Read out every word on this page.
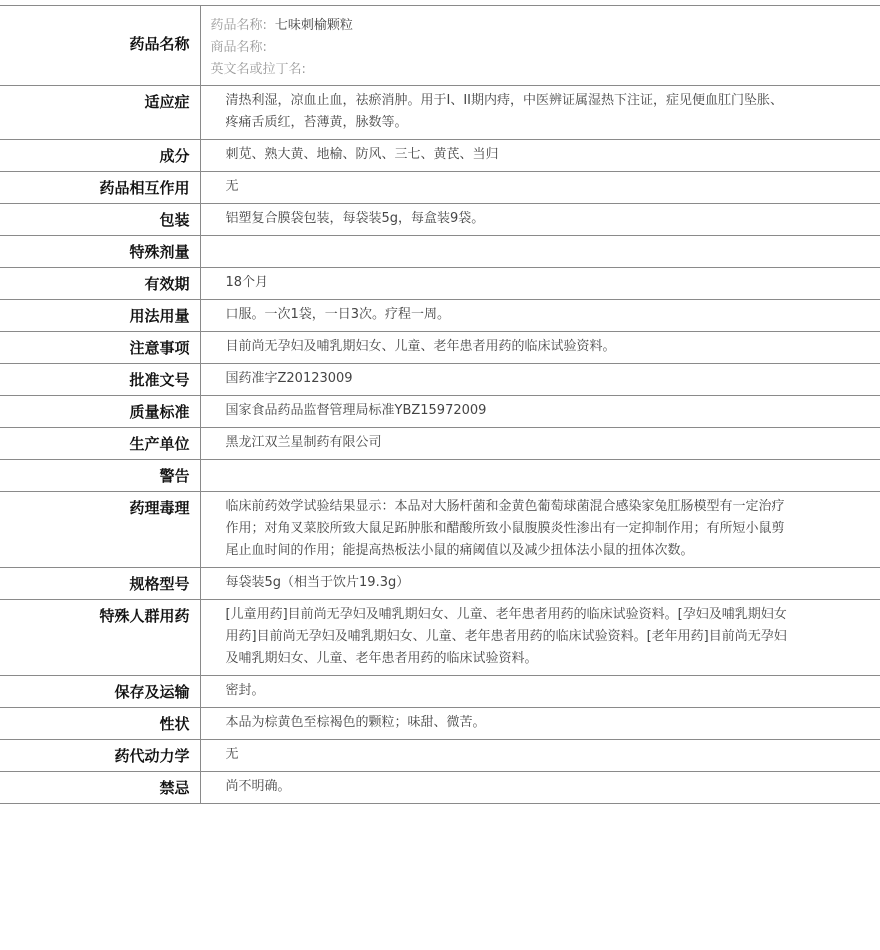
药品名称	药品名称: 七味刺榆颗粒
商品名称:
英文名或拉丁名:

适应症	清热利湿，凉血止血，祛瘀消肿。用于I、II期内痔，中医辨证属湿热下注证，症见便血肛门坠胀、疼痛舌质红，苔薄黄，脉数等。
成分	刺苋、熟大黄、地榆、防风、三七、黄芪、当归
药品相互作用	无
包装	铝塑复合膜袋包装，每袋装5g，每盒装9袋。
特殊剂量	
有效期	18个月
用法用量	口服。一次1袋，一日3次。疗程一周。
注意事项	目前尚无孕妇及哺乳期妇女、儿童、老年患者用药的临床试验资料。
批准文号	国药准字Z20123009
质量标准	国家食品药品监督管理局标准YBZ15972009
生产单位	黑龙江双兰星制药有限公司
警告	
药理毒理	临床前药效学试验结果显示：本品对大肠杆菌和金黄色葡萄球菌混合感染家兔肛肠模型有一定治疗作用；对角叉菜胶所致大鼠足跖肿胀和醋酸所致小鼠腹膜炎性渗出有一定抑制作用；有所短小鼠剪尾止血时间的作用；能提高热板法小鼠的痛阈值以及减少扭体法小鼠的扭体次数。
规格型号	每袋装5g（相当于饮片19.3g）
特殊人群用药	[儿童用药]目前尚无孕妇及哺乳期妇女、儿童、老年患者用药的临床试验资料。[孕妇及哺乳期妇女用药]目前尚无孕妇及哺乳期妇女、儿童、老年患者用药的临床试验资料。[老年用药]目前尚无孕妇及哺乳期妇女、儿童、老年患者用药的临床试验资料。
保存及运输	密封。
性状	本品为棕黄色至棕褐色的颗粒；味甜、微苦。
药代动力学	无
禁忌	尚不明确。
